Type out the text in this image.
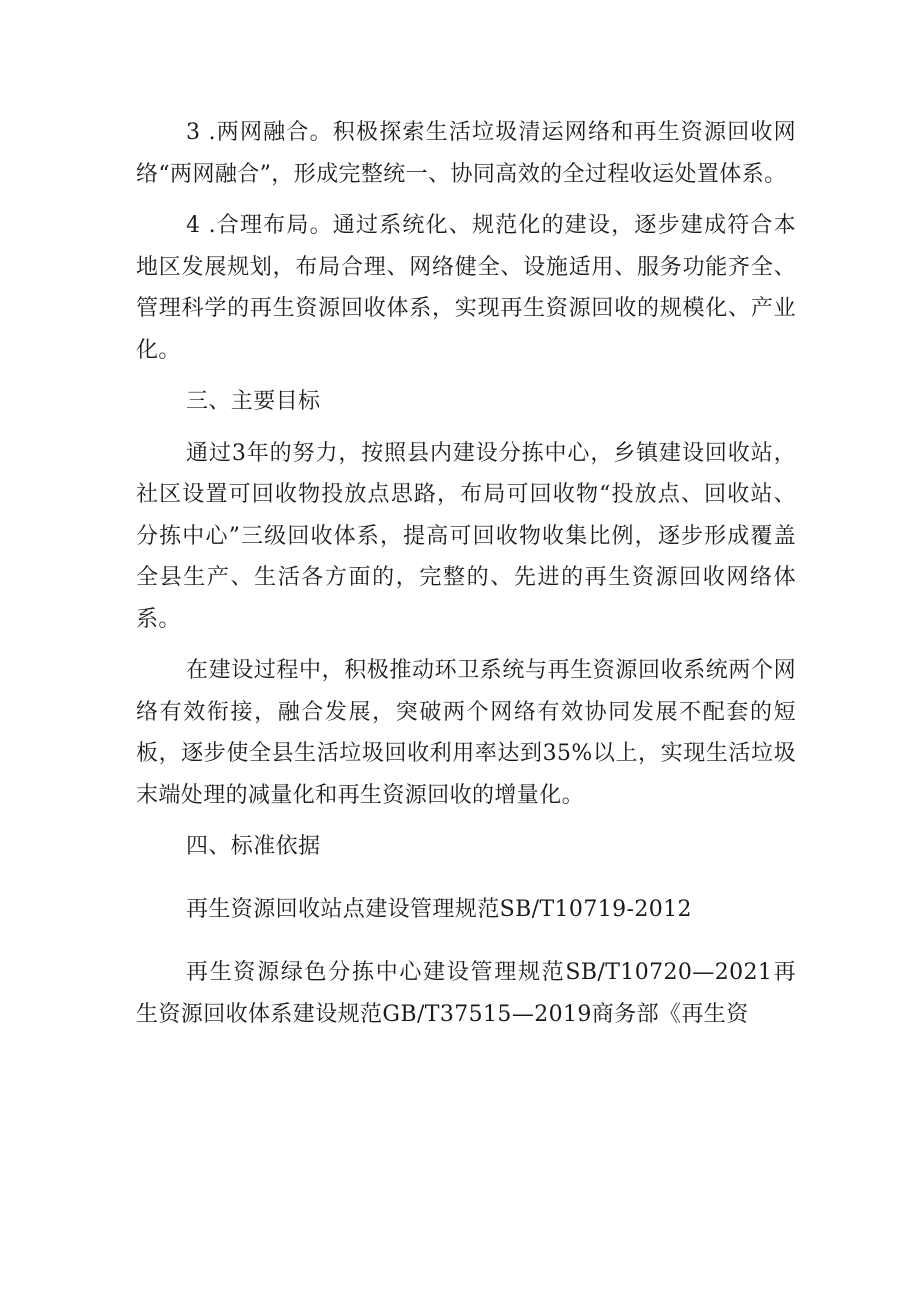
3 .两网融合。积极探索生活垃圾清运网络和再生资源回收网络“两网融合”，形成完整统一、协同高效的全过程收运处置体系。

4 .合理布局。通过系统化、规范化的建设，逐步建成符合本地区发展规划，布局合理、网络健全、设施适用、服务功能齐全、管理科学的再生资源回收体系，实现再生资源回收的规模化、产业化。

三、主要目标

通过3年的努力，按照县内建设分拣中心，乡镇建设回收站，社区设置可回收物投放点思路，布局可回收物“投放点、回收站、分拣中心”三级回收体系，提高可回收物收集比例，逐步形成覆盖全县生产、生活各方面的，完整的、先进的再生资源回收网络体系。

在建设过程中，积极推动环卫系统与再生资源回收系统两个网络有效衔接，融合发展，突破两个网络有效协同发展不配套的短板，逐步使全县生活垃圾回收利用率达到35%以上，实现生活垃圾末端处理的减量化和再生资源回收的增量化。

四、标准依据

再生资源回收站点建设管理规范SB/T10719-2012

再生资源绿色分拣中心建设管理规范SB/T10720—2021再生资源回收体系建设规范GB/T37515—2019商务部《再生资
